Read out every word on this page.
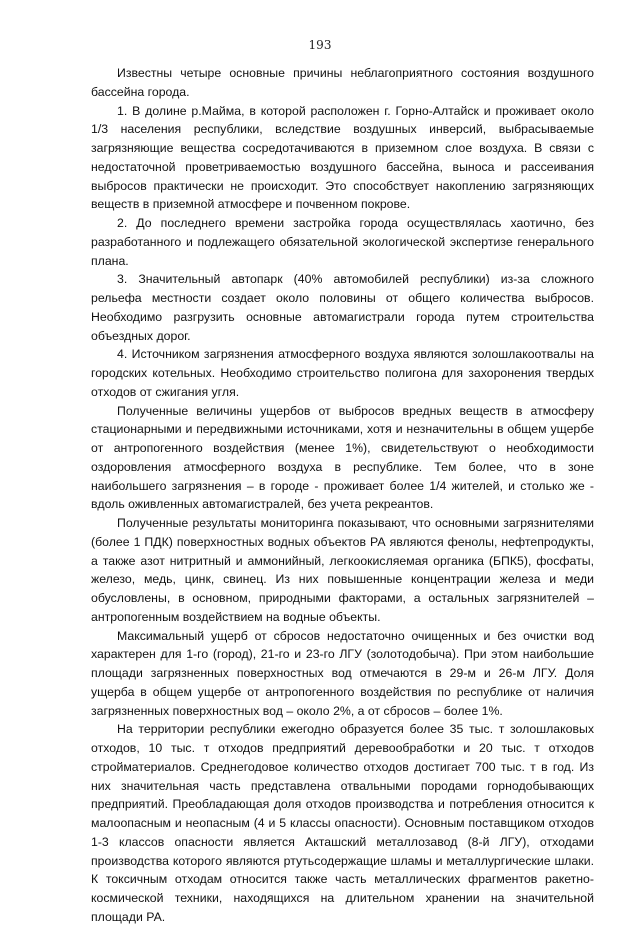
193

Известны четыре основные причины неблагоприятного состояния воздушного бассейна города.

1. В долине р.Майма, в которой расположен г. Горно-Алтайск и проживает около 1/3 населения республики, вследствие воздушных инверсий, выбрасываемые загрязняющие вещества сосредотачиваются в приземном слое воздуха. В связи с недостаточной проветриваемостью воздушного бассейна, выноса и рассеивания выбросов практически не происходит. Это способствует накоплению загрязняющих веществ в приземной атмосфере и почвенном покрове.

2. До последнего времени застройка города осуществлялась хаотично, без разработанного и подлежащего обязательной экологической экспертизе генерального плана.

3. Значительный автопарк (40% автомобилей республики) из-за сложного рельефа местности создает около половины от общего количества выбросов. Необходимо разгрузить основные автомагистрали города путем строительства объездных дорог.

4. Источником загрязнения атмосферного воздуха являются золошлакоотвалы на городских котельных. Необходимо строительство полигона для захоронения твердых отходов от сжигания угля.

Полученные величины ущербов от выбросов вредных веществ в атмосферу стационарными и передвижными источниками, хотя и незначительны в общем ущербе от антропогенного воздействия (менее 1%), свидетельствуют о необходимости оздоровления атмосферного воздуха в республике. Тем более, что в зоне наибольшего загрязнения – в городе - проживает более 1/4 жителей, и столько же - вдоль оживленных автомагистралей, без учета рекреантов.

Полученные результаты мониторинга показывают, что основными загрязнителями (более 1 ПДК) поверхностных водных объектов РА являются фенолы, нефтепродукты, а также азот нитритный и аммонийный, легкоокисляемая органика (БПК5), фосфаты, железо, медь, цинк, свинец. Из них повышенные концентрации железа и меди обусловлены, в основном, природными факторами, а остальных загрязнителей – антропогенным воздействием на водные объекты.

Максимальный ущерб от сбросов недостаточно очищенных и без очистки вод характерен для 1-го (город), 21-го и 23-го ЛГУ (золотодобыча). При этом наибольшие площади загрязненных поверхностных вод отмечаются в 29-м и 26-м ЛГУ. Доля ущерба в общем ущербе от антропогенного воздействия по республике от наличия загрязненных поверхностных вод – около 2%, а от сбросов – более 1%.

На территории республики ежегодно образуется более 35 тыс. т золошлаковых отходов, 10 тыс. т отходов предприятий деревообработки и 20 тыс. т отходов стройматериалов. Среднегодовое количество отходов достигает 700 тыс. т в год. Из них значительная часть представлена отвальными породами горнодобывающих предприятий. Преобладающая доля отходов производства и потребления относится к малоопасным и неопасным (4 и 5 классы опасности). Основным поставщиком отходов 1-3 классов опасности является Акташский металлозавод (8-й ЛГУ), отходами производства которого являются ртутьсодержащие шламы и металлургические шлаки. К токсичным отходам относится также часть металлических фрагментов ракетно-космической техники, находящихся на длительном хранении на значительной площади РА.
